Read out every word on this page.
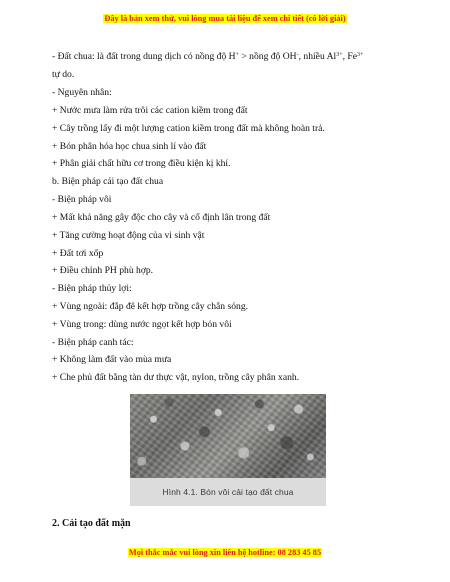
Đây là bản xem thử, vui lòng mua tài liệu để xem chi tiết (có lời giải)
- Đất chua: là đất trong dung dịch có nồng độ H+ > nồng độ OH-, nhiều $Al^{3+}$, $Fe^{3+}$
tự do.
- Nguyên nhân:
+ Nước mưa làm rửa trôi các cation kiềm trong đất
+ Cây trồng lấy đi một lượng cation kiềm trong đất mà không hoàn trả.
+ Bón phân hóa học chua sinh lí vào đất
+ Phân giải chất hữu cơ trong điều kiện kị khí.
b. Biện pháp cải tạo đất chua
- Biện pháp vôi
+ Mất khả năng gây độc cho cây và cố định lân trong đất
+ Tăng cường hoạt động của vi sinh vật
+ Đất tơi xốp
+ Điều chỉnh PH phù hợp.
- Biện pháp thủy lợi:
+ Vùng ngoài: đắp đê kết hợp trồng cây chắn sóng.
+ Vùng trong: dùng nước ngọt kết hợp bón vôi
- Biện pháp canh tác:
+ Không làm đất vào mùa mưa
+ Che phủ đất bằng tàn dư thực vật, nylon, trồng cây phân xanh.
Hình 4.1. Bón vôi cải tạo đất chua
2. Cải tạo đất mặn
Mọi thắc mắc vui lòng xin liên hệ hotline: 08 283 45 85
